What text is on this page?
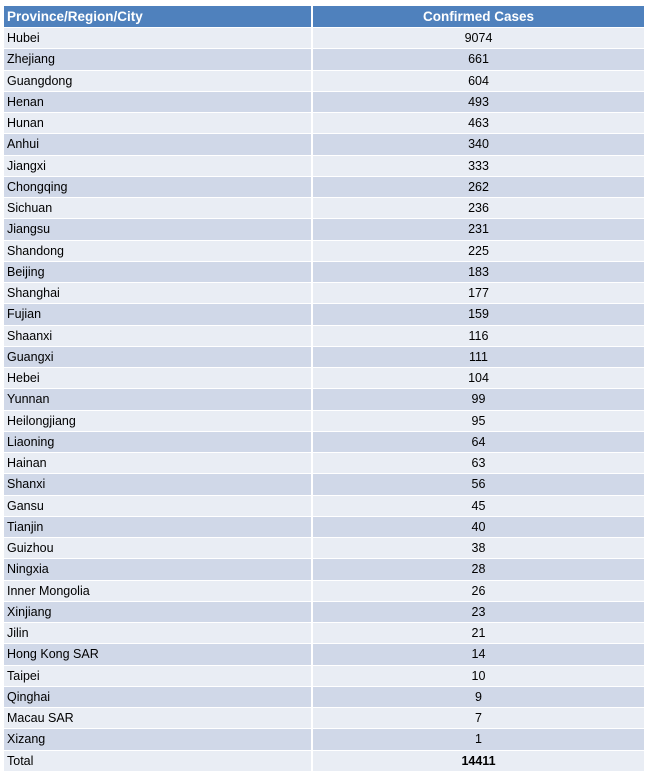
Province/Region/City	Confirmed Cases
Hubei	9074
Zhejiang	661
Guangdong	604
Henan	493
Hunan	463
Anhui	340
Jiangxi	333
Chongqing	262
Sichuan	236
Jiangsu	231
Shandong	225
Beijing	183
Shanghai	177
Fujian	159
Shaanxi	116
Guangxi	111
Hebei	104
Yunnan	99
Heilongjiang	95
Liaoning	64
Hainan	63
Shanxi	56
Gansu	45
Tianjin	40
Guizhou	38
Ningxia	28
Inner Mongolia	26
Xinjiang	23
Jilin	21
Hong Kong SAR	14
Taipei	10
Qinghai	9
Macau SAR	7
Xizang	1
Total	14411
